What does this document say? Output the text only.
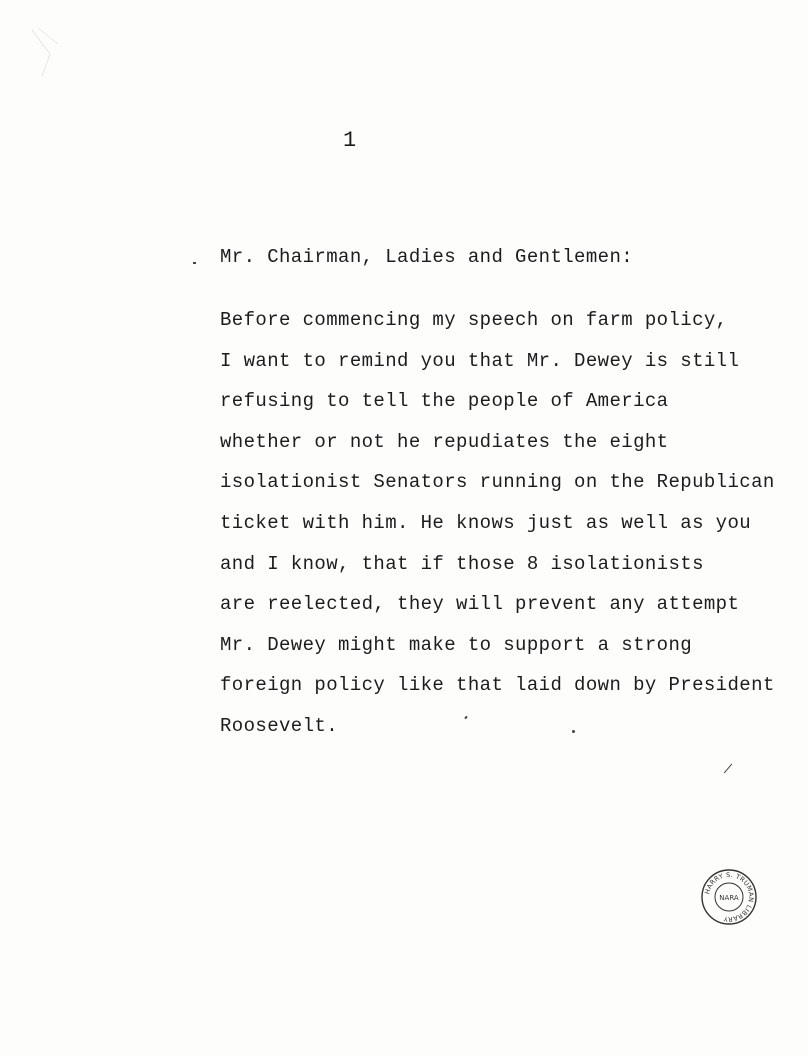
1
Mr. Chairman, Ladies and Gentlemen:
Before commencing my speech on farm policy,
I want to remind you that Mr. Dewey is still
refusing to tell the people of America
whether or not he repudiates the eight
isolationist Senators running on the Republican
ticket with him. He knows just as well as you
and I know, that if those 8 isolationists
are reelected, they will prevent any attempt
Mr. Dewey might make to support a strong
foreign policy like that laid down by President
Roosevelt.
HARRY S. TRUMAN LIBRARY
NARA
